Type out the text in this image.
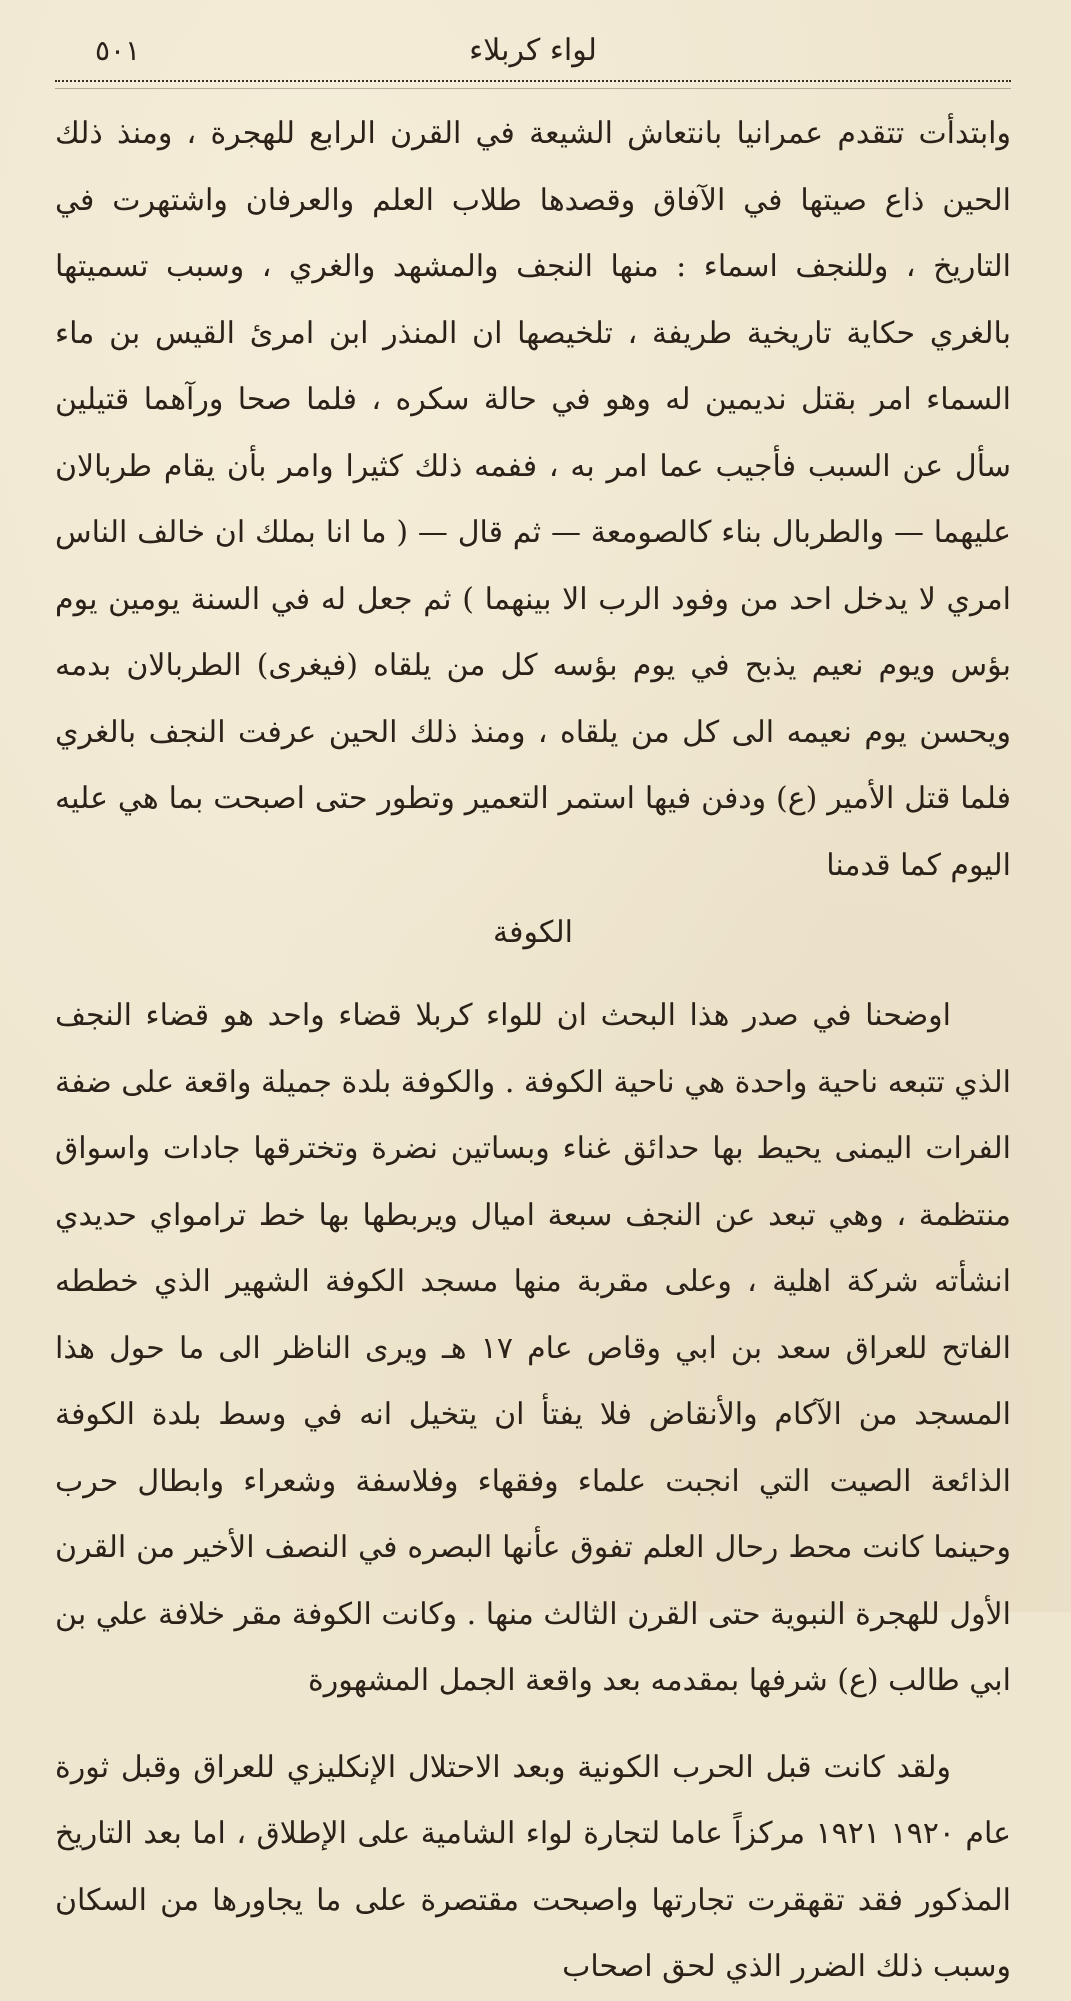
لواء كربلاء
٥٠١

وابتدأت تتقدم عمرانيا بانتعاش الشيعة في القرن الرابع للهجرة ، ومنذ ذلك الحين ذاع صيتها في الآفاق وقصدها طلاب العلم والعرفان واشتهرت في التاريخ ، وللنجف اسماء : منها النجف والمشهد والغري ، وسبب تسميتها بالغري حكاية تاريخية طريفة ، تلخيصها ان المنذر ابن امرئ القيس بن ماء السماء امر بقتل نديمين له وهو في حالة سكره ، فلما صحا ورآهما قتيلين سأل عن السبب فأجيب عما امر به ، ففمه ذلك كثيرا وامر بأن يقام طربالان عليهما — والطربال بناء كالصومعة — ثم قال — ( ما انا بملك ان خالف الناس امري لا يدخل احد من وفود الرب الا بينهما ) ثم جعل له في السنة يومين يوم بؤس ويوم نعيم يذبح في يوم بؤسه كل من يلقاه (فيغرى) الطربالان بدمه ويحسن يوم نعيمه الى كل من يلقاه ، ومنذ ذلك الحين عرفت النجف بالغري فلما قتل الأمير (ع) ودفن فيها استمر التعمير وتطور حتى اصبحت بما هي عليه اليوم كما قدمنا

الكوفة

اوضحنا في صدر هذا البحث ان للواء كربلا قضاء واحد هو قضاء النجف الذي تتبعه ناحية واحدة هي ناحية الكوفة . والكوفة بلدة جميلة واقعة على ضفة الفرات اليمنى يحيط بها حدائق غناء وبساتين نضرة وتخترقها جادات واسواق منتظمة ، وهي تبعد عن النجف سبعة اميال ويربطها بها خط ترامواي حديدي انشأته شركة اهلية ، وعلى مقربة منها مسجد الكوفة الشهير الذي خططه الفاتح للعراق سعد بن ابي وقاص عام ١٧ هـ ويرى الناظر الى ما حول هذا المسجد من الآكام والأنقاض فلا يفتأ ان يتخيل انه في وسط بلدة الكوفة الذائعة الصيت التي انجبت علماء وفقهاء وفلاسفة وشعراء وابطال حرب وحينما كانت محط رحال العلم تفوق عأنها البصره في النصف الأخير من القرن الأول للهجرة النبوية حتى القرن الثالث منها . وكانت الكوفة مقر خلافة علي بن ابي طالب (ع) شرفها بمقدمه بعد واقعة الجمل المشهورة

ولقد كانت قبل الحرب الكونية وبعد الاحتلال الإنكليزي للعراق وقبل ثورة عام ١٩٢٠ ١٩٢١ مركزاً عاما لتجارة لواء الشامية على الإطلاق ، اما بعد التاريخ المذكور فقد تقهقرت تجارتها واصبحت مقتصرة على ما يجاورها من السكان وسبب ذلك الضرر الذي لحق اصحاب
